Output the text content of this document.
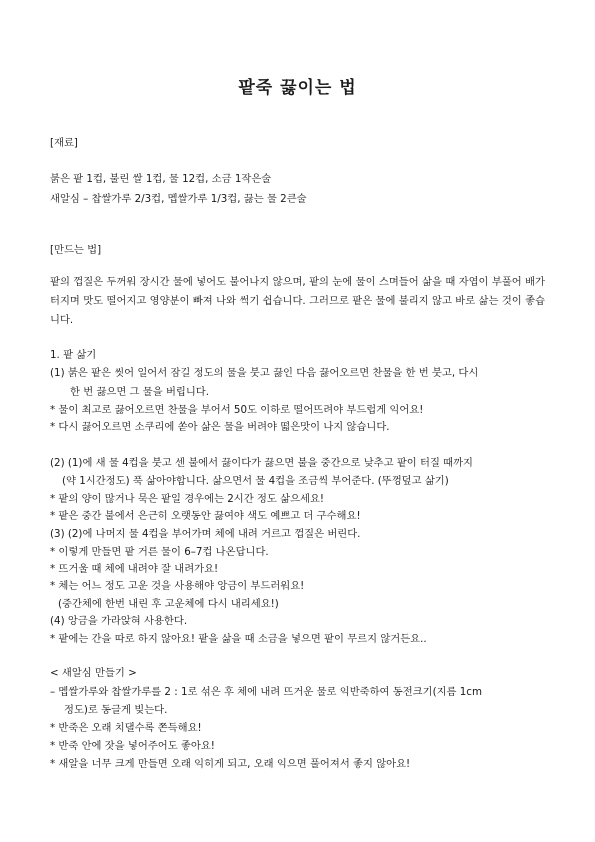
팥죽 끓이는 법
[재료]
붉은 팥 1컵, 불린 쌀 1컵, 물 12컵, 소금 1작은술
새알심 – 찹쌀가루 2/3컵, 멥쌀가루 1/3컵, 끓는 물 2큰술
[만드는 법]
팥의 껍질은 두꺼워 장시간 물에 넣어도 불어나지 않으며, 팥의 눈에 물이 스며들어 삶을 때 자엽이 부풀어 배가 터지며 맛도 떨어지고 영양분이 빠져 나와 썩기 쉽습니다. 그러므로 팥은 물에 불리지 않고 바로 삶는 것이 좋습니다.
1. 팥 삶기
(1) 붉은 팥은 씻어 일어서 잠길 정도의 물을 붓고 끓인 다음 끓어오르면 찬물을 한 번 붓고, 다시
한 번 끓으면 그 물을 버립니다.
* 물이 최고로 끓어오르면 찬물을 부어서 50도 이하로 떨어뜨려야 부드럽게 익어요!
* 다시 끓어오르면 소쿠리에 쏟아 삶은 물을 버려야 떫은맛이 나지 않습니다.
(2) (1)에 새 물 4컵을 붓고 센 불에서 끓이다가 끓으면 불을 중간으로 낮추고 팥이 터질 때까지
(약 1시간정도) 푹 삶아야합니다. 삶으면서 물 4컵을 조금씩 부어준다. (뚜껑덮고 삶기)
* 팥의 양이 많거나 묵은 팥일 경우에는 2시간 정도 삶으세요!
* 팥은 중간 불에서 은근히 오랫동안 끓여야 색도 예쁘고 더 구수해요!
(3) (2)에 나머지 물 4컵을 부어가며 체에 내려 거르고 껍질은 버린다.
* 이렇게 만들면 팥 거른 물이 6–7컵 나온답니다.
* 뜨거울 때 체에 내려야 잘 내려가요!
* 체는 어느 정도 고운 것을 사용해야 앙금이 부드러워요!
(중간체에 한번 내린 후 고운체에 다시 내리세요!)
(4) 앙금을 가라앉혀 사용한다.
* 팥에는 간을 따로 하지 않아요! 팥을 삶을 때 소금을 넣으면 팥이 무르지 않거든요..
< 새알심 만들기 >
– 멥쌀가루와 찹쌀가루를 2 : 1로 섞은 후 체에 내려 뜨거운 물로 익반죽하여 동전크기(지름 1cm
정도)로 동글게 빚는다.
* 반죽은 오래 치댈수록 쫀득해요!
* 반죽 안에 잣을 넣어주어도 좋아요!
* 새알을 너무 크게 만들면 오래 익히게 되고, 오래 익으면 풀어져서 좋지 않아요!
